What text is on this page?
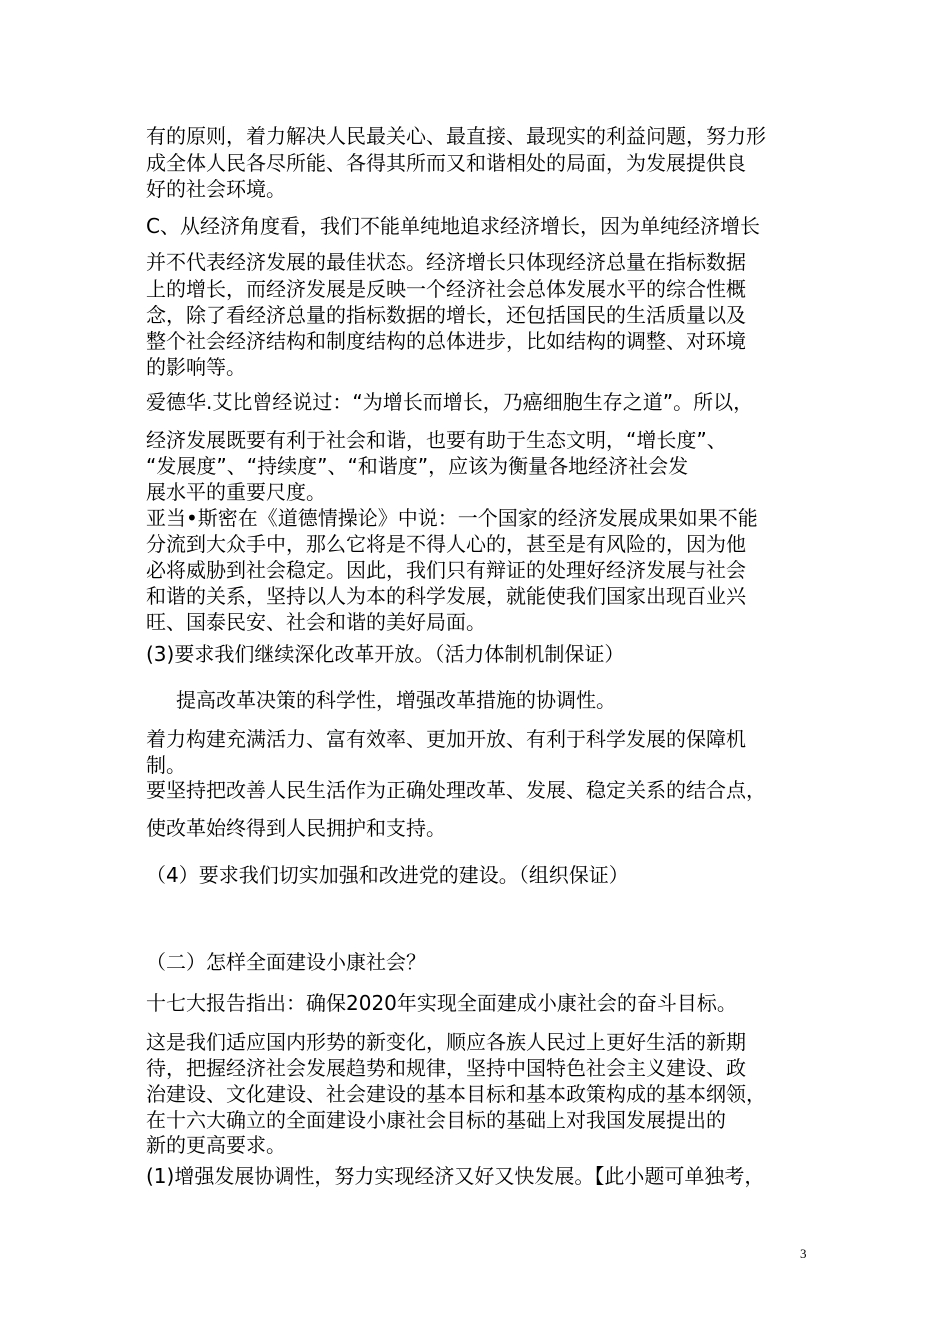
有的原则，着力解决人民最关心、最直接、最现实的利益问题，努力形
成全体人民各尽所能、各得其所而又和谐相处的局面，为发展提供良
好的社会环境。
C、从经济角度看，我们不能单纯地追求经济增长，因为单纯经济增长
并不代表经济发展的最佳状态。经济增长只体现经济总量在指标数据
上的增长，而经济发展是反映一个经济社会总体发展水平的综合性概
念，除了看经济总量的指标数据的增长，还包括国民的生活质量以及
整个社会经济结构和制度结构的总体进步，比如结构的调整、对环境
的影响等。
爱德华.艾比曾经说过：“为增长而增长，乃癌细胞生存之道”。所以，
经济发展既要有利于社会和谐，也要有助于生态文明，“增长度”、
“发展度”、“持续度”、“和谐度”，应该为衡量各地经济社会发
展水平的重要尺度。
亚当•斯密在《道德情操论》中说：一个国家的经济发展成果如果不能
分流到大众手中，那么它将是不得人心的，甚至是有风险的，因为他
必将威胁到社会稳定。因此，我们只有辩证的处理好经济发展与社会
和谐的关系，坚持以人为本的科学发展，就能使我们国家出现百业兴
旺、国泰民安、社会和谐的美好局面。
(3)要求我们继续深化改革开放。（活力体制机制保证）
提高改革决策的科学性，增强改革措施的协调性。
着力构建充满活力、富有效率、更加开放、有利于科学发展的保障机
制。
要坚持把改善人民生活作为正确处理改革、发展、稳定关系的结合点，
使改革始终得到人民拥护和支持。
（4）要求我们切实加强和改进党的建设。（组织保证）
（二）怎样全面建设小康社会？
十七大报告指出：确保2020年实现全面建成小康社会的奋斗目标。
这是我们适应国内形势的新变化，顺应各族人民过上更好生活的新期
待，把握经济社会发展趋势和规律，坚持中国特色社会主义建设、政
治建设、文化建设、社会建设的基本目标和基本政策构成的基本纲领，
在十六大确立的全面建设小康社会目标的基础上对我国发展提出的
新的更高要求。
(1)增强发展协调性，努力实现经济又好又快发展。【此小题可单独考，
3
